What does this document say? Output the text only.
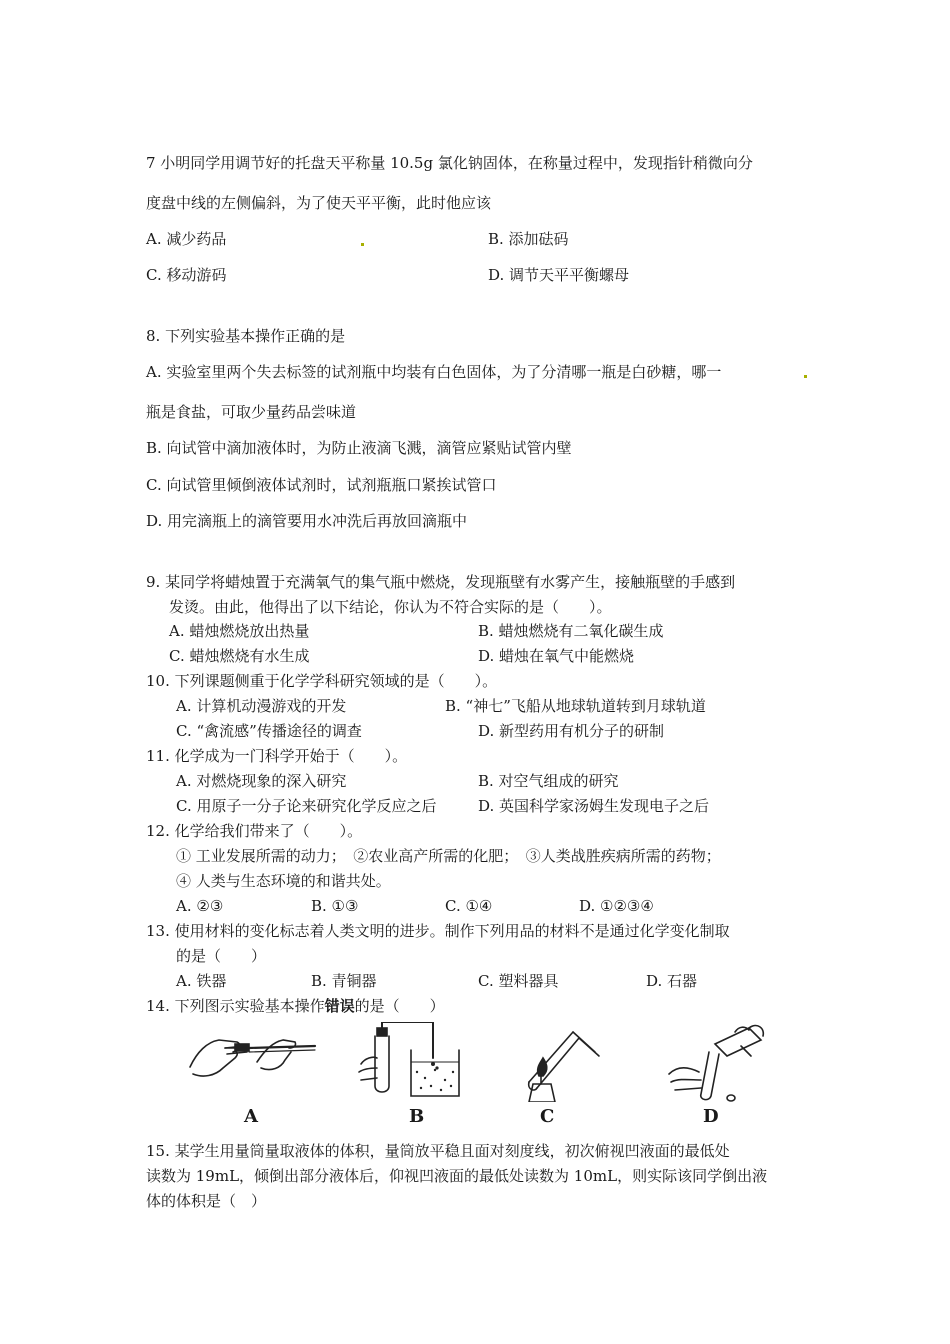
7 小明同学用调节好的托盘天平称量 10.5g 氯化钠固体，在称量过程中，发现指针稍微向分
度盘中线的左侧偏斜，为了使天平平衡，此时他应该
A. 减少药品	B. 添加砝码
C. 移动游码	D. 调节天平平衡螺母
8. 下列实验基本操作正确的是
A. 实验室里两个失去标签的试剂瓶中均装有白色固体，为了分清哪一瓶是白砂糖，哪一
瓶是食盐，可取少量药品尝味道
B. 向试管中滴加液体时，为防止液滴飞溅，滴管应紧贴试管内壁
C. 向试管里倾倒液体试剂时，试剂瓶瓶口紧挨试管口
D. 用完滴瓶上的滴管要用水冲洗后再放回滴瓶中
9. 某同学将蜡烛置于充满氧气的集气瓶中燃烧，发现瓶壁有水雾产生，接触瓶壁的手感到
发烫。由此，他得出了以下结论，你认为不符合实际的是（　　）。
A. 蜡烛燃烧放出热量	B. 蜡烛燃烧有二氧化碳生成
C. 蜡烛燃烧有水生成	D. 蜡烛在氧气中能燃烧
10. 下列课题侧重于化学学科研究领域的是（　　）。
A. 计算机动漫游戏的开发	B. “神七”飞船从地球轨道转到月球轨道
C. “禽流感”传播途径的调查	D. 新型药用有机分子的研制
11. 化学成为一门科学开始于（　　）。
A. 对燃烧现象的深入研究	B. 对空气组成的研究
C. 用原子一分子论来研究化学反应之后	D. 英国科学家汤姆生发现电子之后
12. 化学给我们带来了（　　）。
① 工业发展所需的动力；　②农业高产所需的化肥；　③人类战胜疾病所需的药物；
④ 人类与生态环境的和谐共处。
A. ②③	B. ①③	C. ①④	D. ①②③④
13. 使用材料的变化标志着人类文明的进步。制作下列用品的材料不是通过化学变化制取
的是（　　）
A. 铁器	B. 青铜器	C. 塑料器具	D. 石器
14. 下列图示实验基本操作错误的是（　　）
A	B	C	D
15. 某学生用量筒量取液体的体积，量筒放平稳且面对刻度线，初次俯视凹液面的最低处
读数为 19mL，倾倒出部分液体后，仰视凹液面的最低处读数为 10mL，则实际该同学倒出液
体的体积是（　）
